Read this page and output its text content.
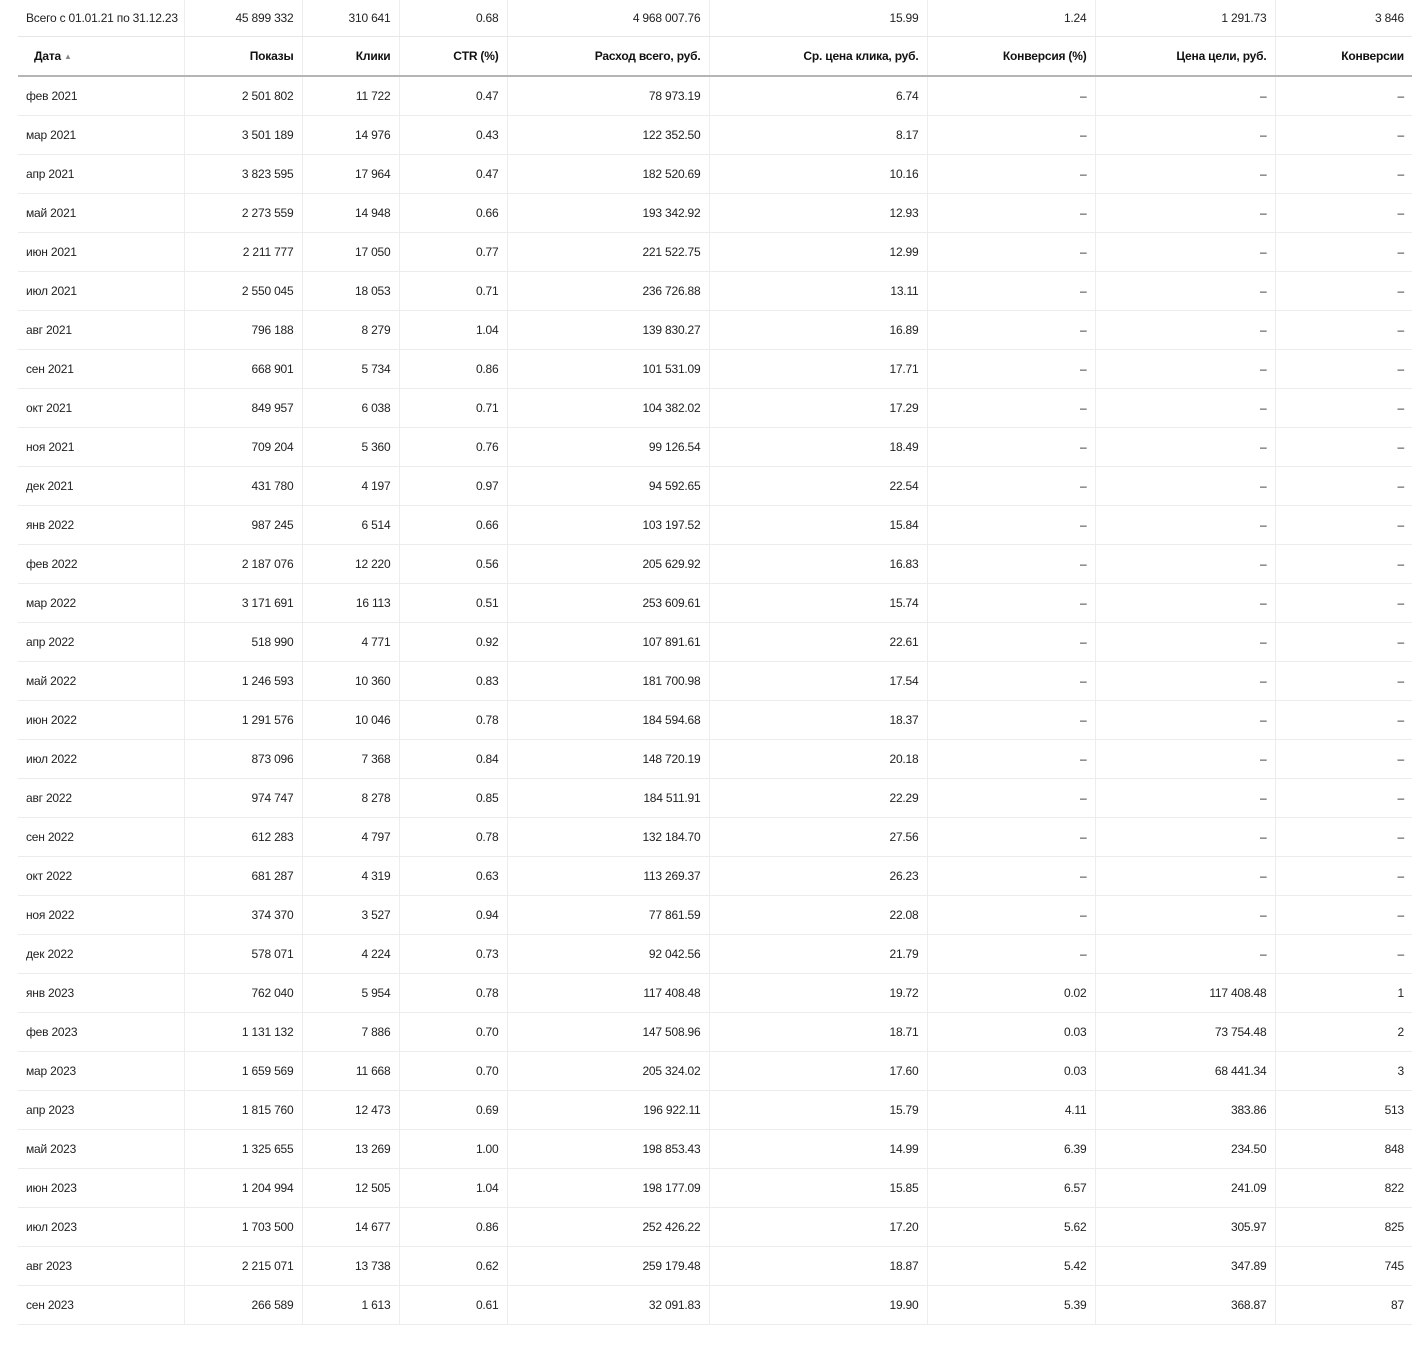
Всего с 01.01.21 по 31.12.23	45 899 332	310 641	0.68	4 968 007.76	15.99	1.24	1 291.73	3 846
Дата ▲	Показы	Клики	CTR (%)	Расход всего, руб.	Ср. цена клика, руб.	Конверсия (%)	Цена цели, руб.	Конверсии
фев 2021	2 501 802	11 722	0.47	78 973.19	6.74	–	–	–
мар 2021	3 501 189	14 976	0.43	122 352.50	8.17	–	–	–
апр 2021	3 823 595	17 964	0.47	182 520.69	10.16	–	–	–
май 2021	2 273 559	14 948	0.66	193 342.92	12.93	–	–	–
июн 2021	2 211 777	17 050	0.77	221 522.75	12.99	–	–	–
июл 2021	2 550 045	18 053	0.71	236 726.88	13.11	–	–	–
авг 2021	796 188	8 279	1.04	139 830.27	16.89	–	–	–
сен 2021	668 901	5 734	0.86	101 531.09	17.71	–	–	–
окт 2021	849 957	6 038	0.71	104 382.02	17.29	–	–	–
ноя 2021	709 204	5 360	0.76	99 126.54	18.49	–	–	–
дек 2021	431 780	4 197	0.97	94 592.65	22.54	–	–	–
янв 2022	987 245	6 514	0.66	103 197.52	15.84	–	–	–
фев 2022	2 187 076	12 220	0.56	205 629.92	16.83	–	–	–
мар 2022	3 171 691	16 113	0.51	253 609.61	15.74	–	–	–
апр 2022	518 990	4 771	0.92	107 891.61	22.61	–	–	–
май 2022	1 246 593	10 360	0.83	181 700.98	17.54	–	–	–
июн 2022	1 291 576	10 046	0.78	184 594.68	18.37	–	–	–
июл 2022	873 096	7 368	0.84	148 720.19	20.18	–	–	–
авг 2022	974 747	8 278	0.85	184 511.91	22.29	–	–	–
сен 2022	612 283	4 797	0.78	132 184.70	27.56	–	–	–
окт 2022	681 287	4 319	0.63	113 269.37	26.23	–	–	–
ноя 2022	374 370	3 527	0.94	77 861.59	22.08	–	–	–
дек 2022	578 071	4 224	0.73	92 042.56	21.79	–	–	–
янв 2023	762 040	5 954	0.78	117 408.48	19.72	0.02	117 408.48	1
фев 2023	1 131 132	7 886	0.70	147 508.96	18.71	0.03	73 754.48	2
мар 2023	1 659 569	11 668	0.70	205 324.02	17.60	0.03	68 441.34	3
апр 2023	1 815 760	12 473	0.69	196 922.11	15.79	4.11	383.86	513
май 2023	1 325 655	13 269	1.00	198 853.43	14.99	6.39	234.50	848
июн 2023	1 204 994	12 505	1.04	198 177.09	15.85	6.57	241.09	822
июл 2023	1 703 500	14 677	0.86	252 426.22	17.20	5.62	305.97	825
авг 2023	2 215 071	13 738	0.62	259 179.48	18.87	5.42	347.89	745
сен 2023	266 589	1 613	0.61	32 091.83	19.90	5.39	368.87	87
